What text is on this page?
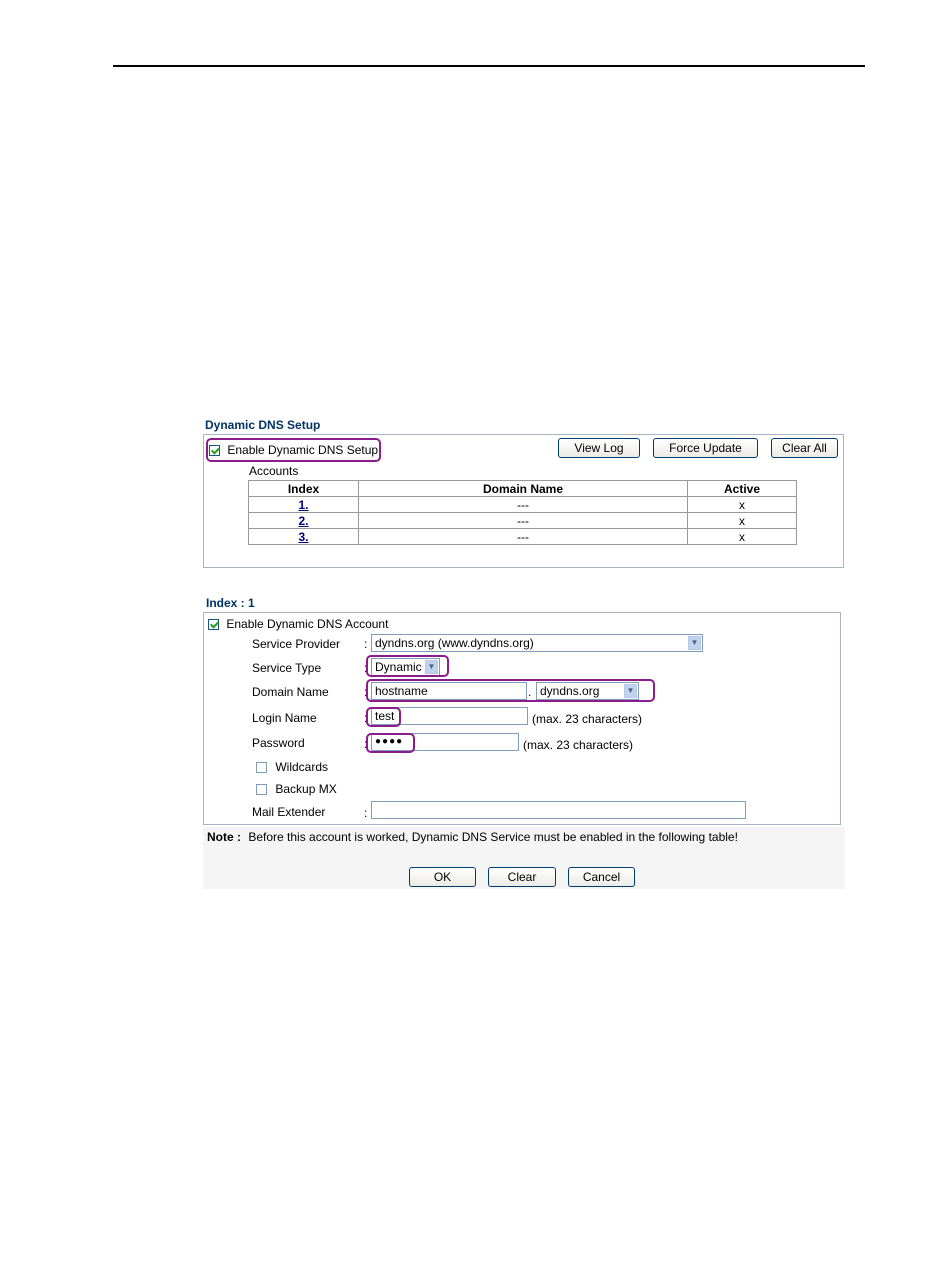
Dynamic DNS Setup
Enable Dynamic DNS Setup	View Log	Force Update	Clear All
Accounts
Index	Domain Name	Active
1.	---	x
2.	---	x
3.	---	x
Index : 1
Enable Dynamic DNS Account
Service Provider : dyndns.org (www.dyndns.org)	▼
Service Type	: Dynamic ▼
Domain Name	: hostname	. dyndns.org	▼
Login Name	: test	(max. 23 characters)
Password	: ●●●●	(max. 23 characters)
Wildcards
Backup MX
Mail Extender	:
Note : Before this account is worked, Dynamic DNS Service must be enabled in the following table!
OK	Clear	Cancel
